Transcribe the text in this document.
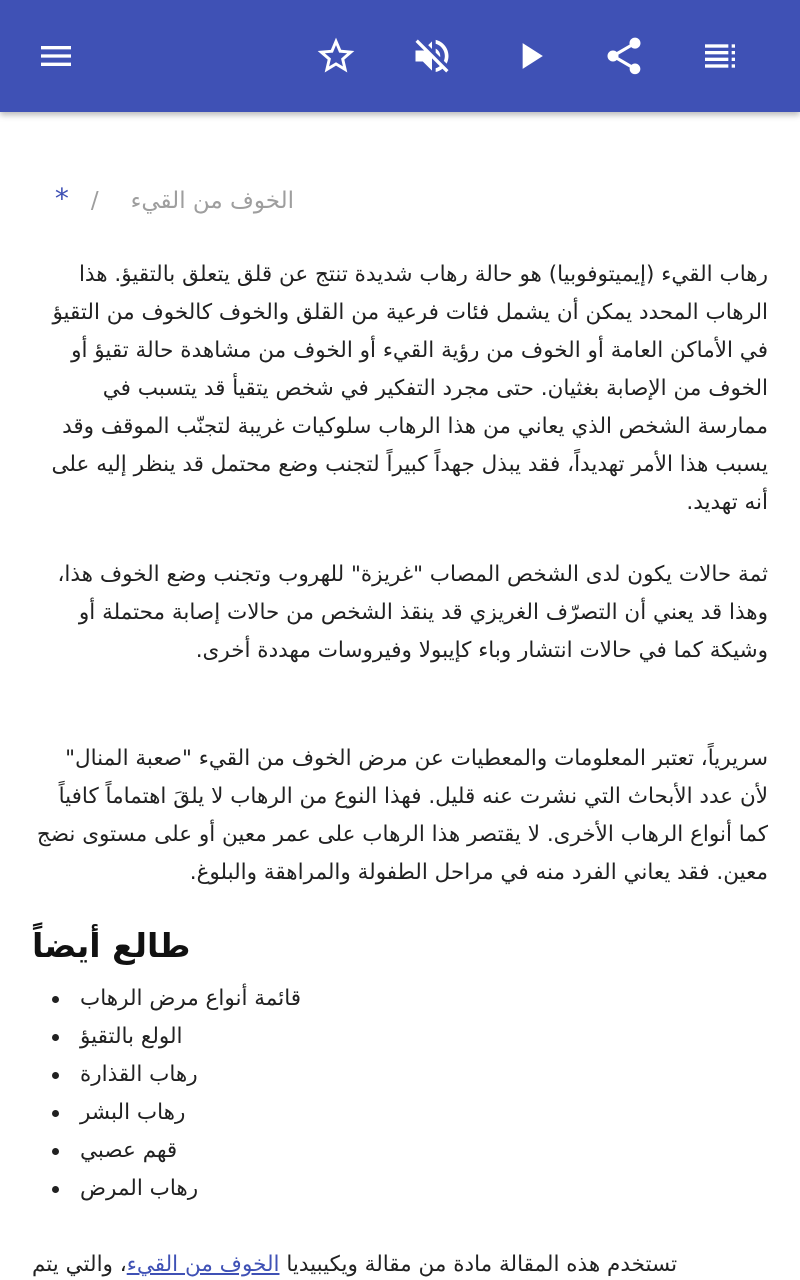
الخوف من القيء/*

رهاب القيء (إيميتوفوبيا) هو حالة رهاب شديدة تنتج عن قلق يتعلق بالتقيؤ. هذا الرهاب المحدد يمكن أن يشمل فئات فرعية من القلق والخوف كالخوف من التقيؤ في الأماكن العامة أو الخوف من رؤية القيء أو الخوف من مشاهدة حالة تقيؤ أو الخوف من الإصابة بغثيان. حتى مجرد التفكير في شخص يتقيأ قد يتسبب في ممارسة الشخص الذي يعاني من هذا الرهاب سلوكيات غريبة لتجنّب الموقف وقد يسبب هذا الأمر تهديداً، فقد يبذل جهداً كبيراً لتجنب وضع محتمل قد ينظر إليه على أنه تهديد.

ثمة حالات يكون لدى الشخص المصاب "غريزة" للهروب وتجنب وضع الخوف هذا، وهذا قد يعني أن التصرّف الغريزي قد ينقذ الشخص من حالات إصابة محتملة أو وشيكة كما في حالات انتشار وباء كإيبولا وفيروسات مهددة أخرى.

سريرياً، تعتبر المعلومات والمعطيات عن مرض الخوف من القيء "صعبة المنال" لأن عدد الأبحاث التي نشرت عنه قليل. فهذا النوع من الرهاب لا يلقَ اهتماماً كافياً كما أنواع الرهاب الأخرى. لا يقتصر هذا الرهاب على عمر معين أو على مستوى نضج معين. فقد يعاني الفرد منه في مراحل الطفولة والمراهقة والبلوغ.

طالع أيضاً
قائمة أنواع مرض الرهاب
الولع بالتقيؤ
رهاب القذارة
رهاب البشر
قهم عصبي
رهاب المرض
تستخدم هذه المقالة مادة من مقالة ويكيبيديا الخوف من القيء، والتي يتم
